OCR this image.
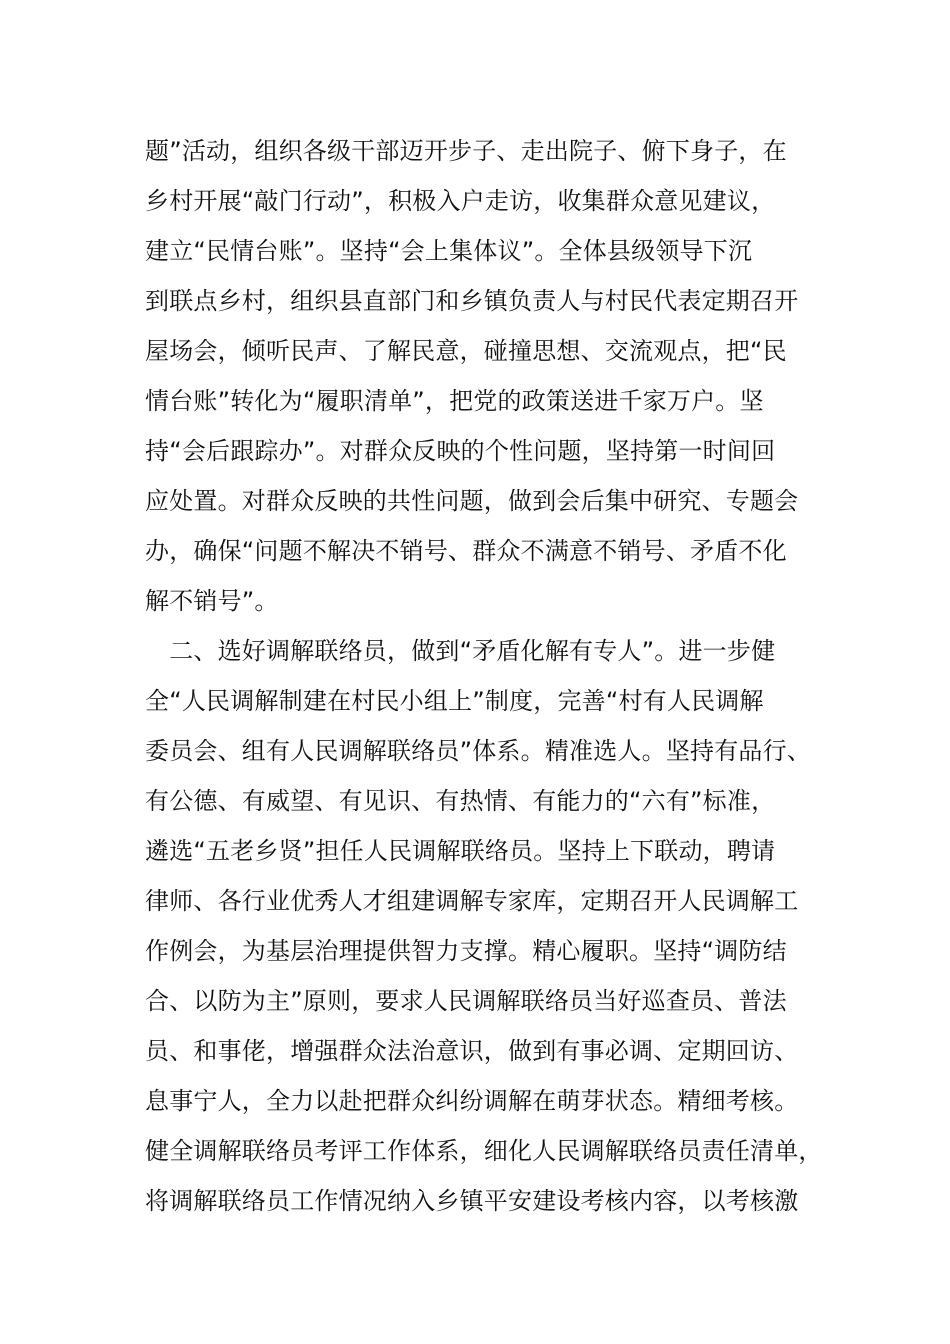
题”活动，组织各级干部迈开步子、走出院子、俯下身子，在
乡村开展“敲门行动”，积极入户走访，收集群众意见建议，
建立“民情台账”。坚持“会上集体议”。全体县级领导下沉
到联点乡村，组织县直部门和乡镇负责人与村民代表定期召开
屋场会，倾听民声、了解民意，碰撞思想、交流观点，把“民
情台账”转化为“履职清单”，把党的政策送进千家万户。坚
持“会后跟踪办”。对群众反映的个性问题，坚持第一时间回
应处置。对群众反映的共性问题，做到会后集中研究、专题会
办，确保“问题不解决不销号、群众不满意不销号、矛盾不化
解不销号”。
　二、选好调解联络员，做到“矛盾化解有专人”。进一步健
全“人民调解制建在村民小组上”制度，完善“村有人民调解
委员会、组有人民调解联络员”体系。精准选人。坚持有品行、
有公德、有威望、有见识、有热情、有能力的“六有”标准，
遴选“五老乡贤”担任人民调解联络员。坚持上下联动，聘请
律师、各行业优秀人才组建调解专家库，定期召开人民调解工
作例会，为基层治理提供智力支撑。精心履职。坚持“调防结
合、以防为主”原则，要求人民调解联络员当好巡查员、普法
员、和事佬，增强群众法治意识，做到有事必调、定期回访、
息事宁人，全力以赴把群众纠纷调解在萌芽状态。精细考核。
健全调解联络员考评工作体系，细化人民调解联络员责任清单，
将调解联络员工作情况纳入乡镇平安建设考核内容，以考核激
